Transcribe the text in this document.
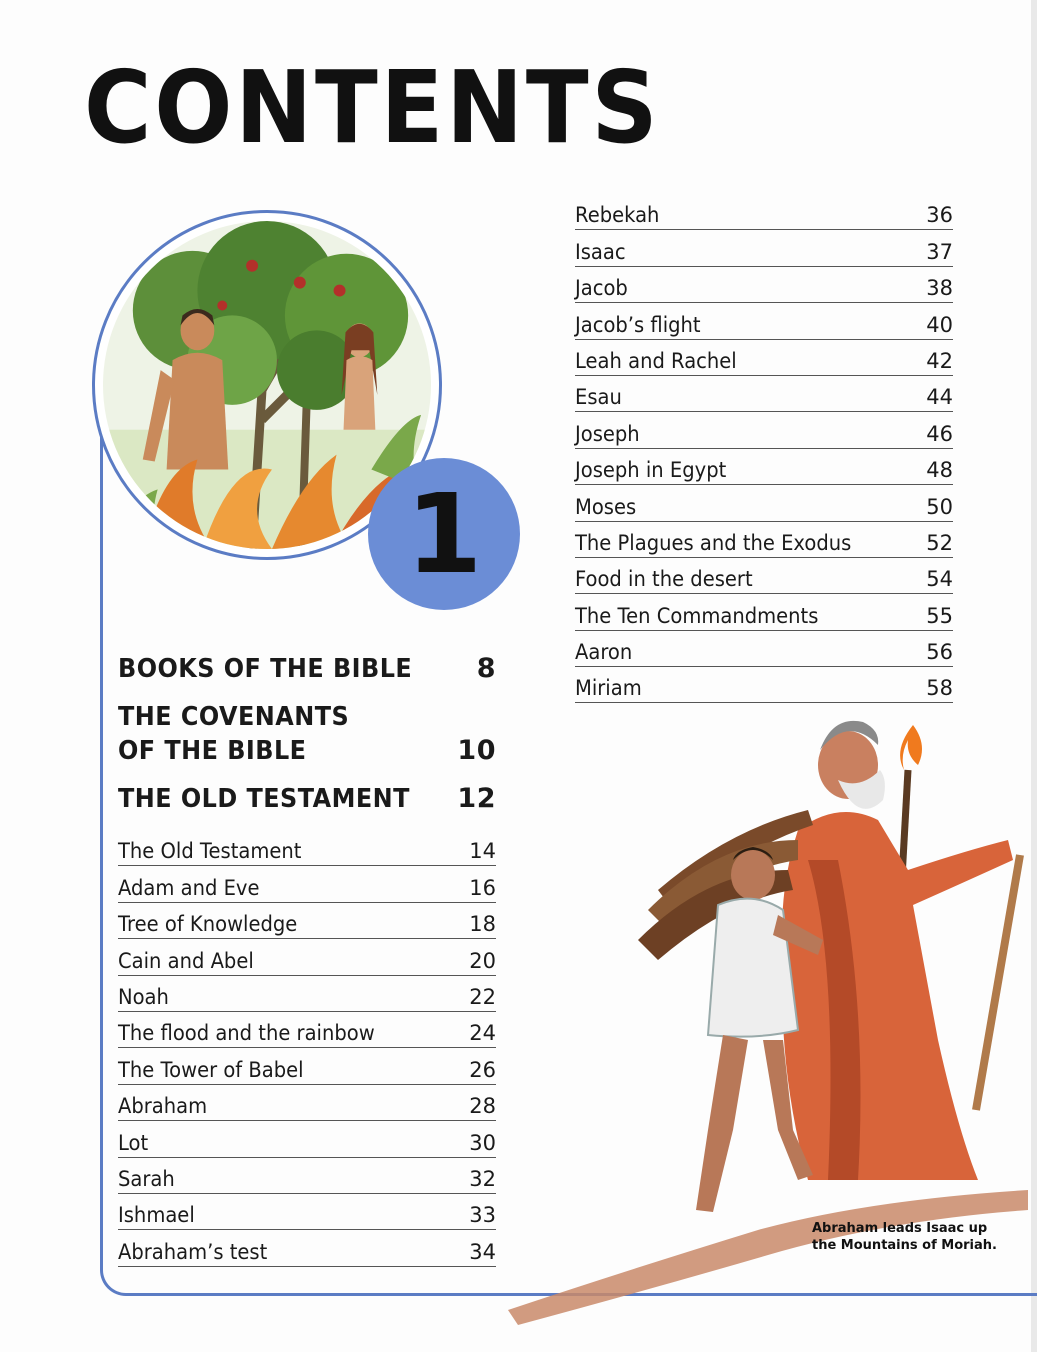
CONTENTS
1
BOOKS OF THE BIBLE 8
THE COVENANTS
OF THE BIBLE	10
THE OLD TESTAMENT 12
The Old Testament	14
Adam and Eve	16
Tree of Knowledge	18
Cain and Abel	20
Noah	22
The flood and the rainbow	24
The Tower of Babel	26
Abraham	28
Lot	30
Sarah	32
Ishmael	33
Abraham’s test	34
Rebekah	36
Isaac	37
Jacob	38
Jacob’s flight	40
Leah and Rachel	42
Esau	44
Joseph	46
Joseph in Egypt	48
Moses	50
The Plagues and the Exodus	52
Food in the desert	54
The Ten Commandments	55
Aaron	56
Miriam	58
Abraham leads Isaac up
the Mountains of Moriah.
